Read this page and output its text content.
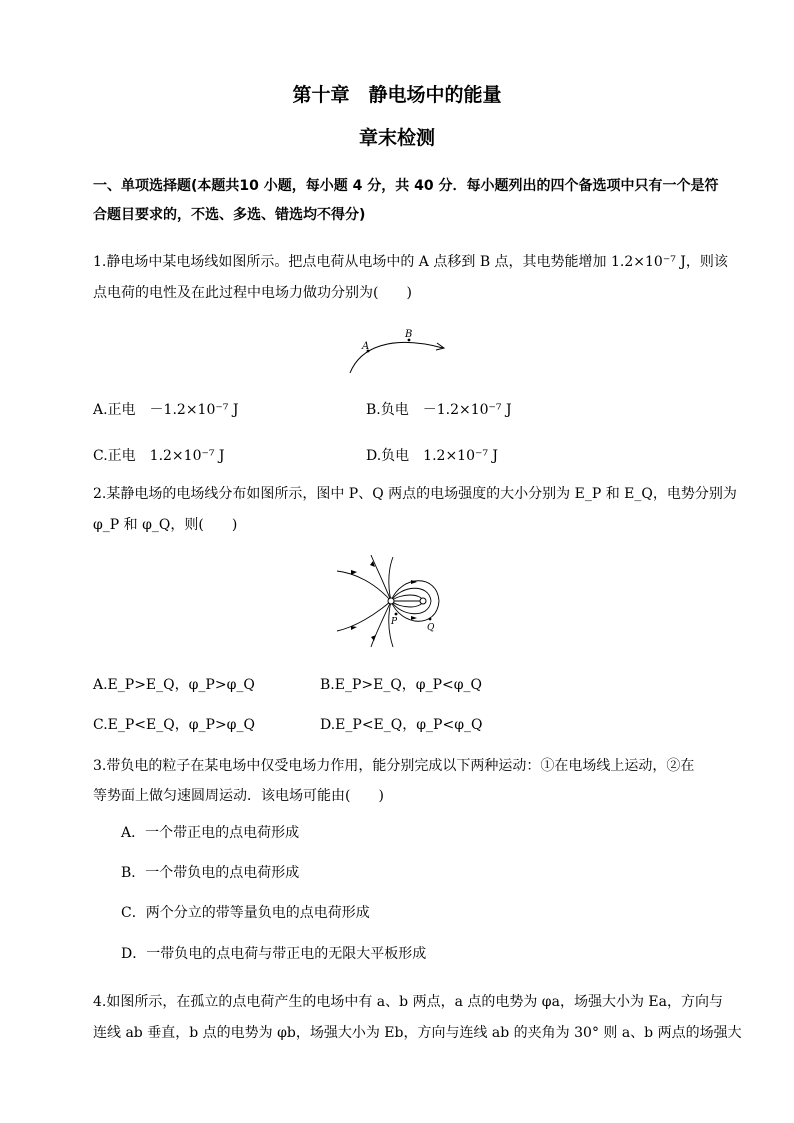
第十章　静电场中的能量
章末检测
一、单项选择题(本题共10 小题，每小题 4 分，共 40 分．每小题列出的四个备选项中只有一个是符
合题目要求的，不选、多选、错选均不得分)
1.静电场中某电场线如图所示。把点电荷从电场中的 A 点移到 B 点，其电势能增加 1.2×10⁻⁷ J，则该
点电荷的电性及在此过程中电场力做功分别为(　　)
A
B
A.正电　－1.2×10⁻⁷ J	B.负电　－1.2×10⁻⁷ J
C.正电　1.2×10⁻⁷ J	D.负电　1.2×10⁻⁷ J
2.某静电场的电场线分布如图所示，图中 P、Q 两点的电场强度的大小分别为 E_P 和 E_Q，电势分别为
φ_P 和 φ_Q，则(　　)
P
Q
A.E_P>E_Q，φ_P>φ_Q	B.E_P>E_Q，φ_P<φ_Q
C.E_P<E_Q，φ_P>φ_Q	D.E_P<E_Q，φ_P<φ_Q
3.带负电的粒子在某电场中仅受电场力作用，能分别完成以下两种运动：①在电场线上运动，②在
等势面上做匀速圆周运动．该电场可能由(　　)
A．一个带正电的点电荷形成
B．一个带负电的点电荷形成
C．两个分立的带等量负电的点电荷形成
D．一带负电的点电荷与带正电的无限大平板形成
4.如图所示，在孤立的点电荷产生的电场中有 a、b 两点，a 点的电势为 φa，场强大小为 Ea，方向与
连线 ab 垂直，b 点的电势为 φb，场强大小为 Eb，方向与连线 ab 的夹角为 30° 则 a、b 两点的场强大
